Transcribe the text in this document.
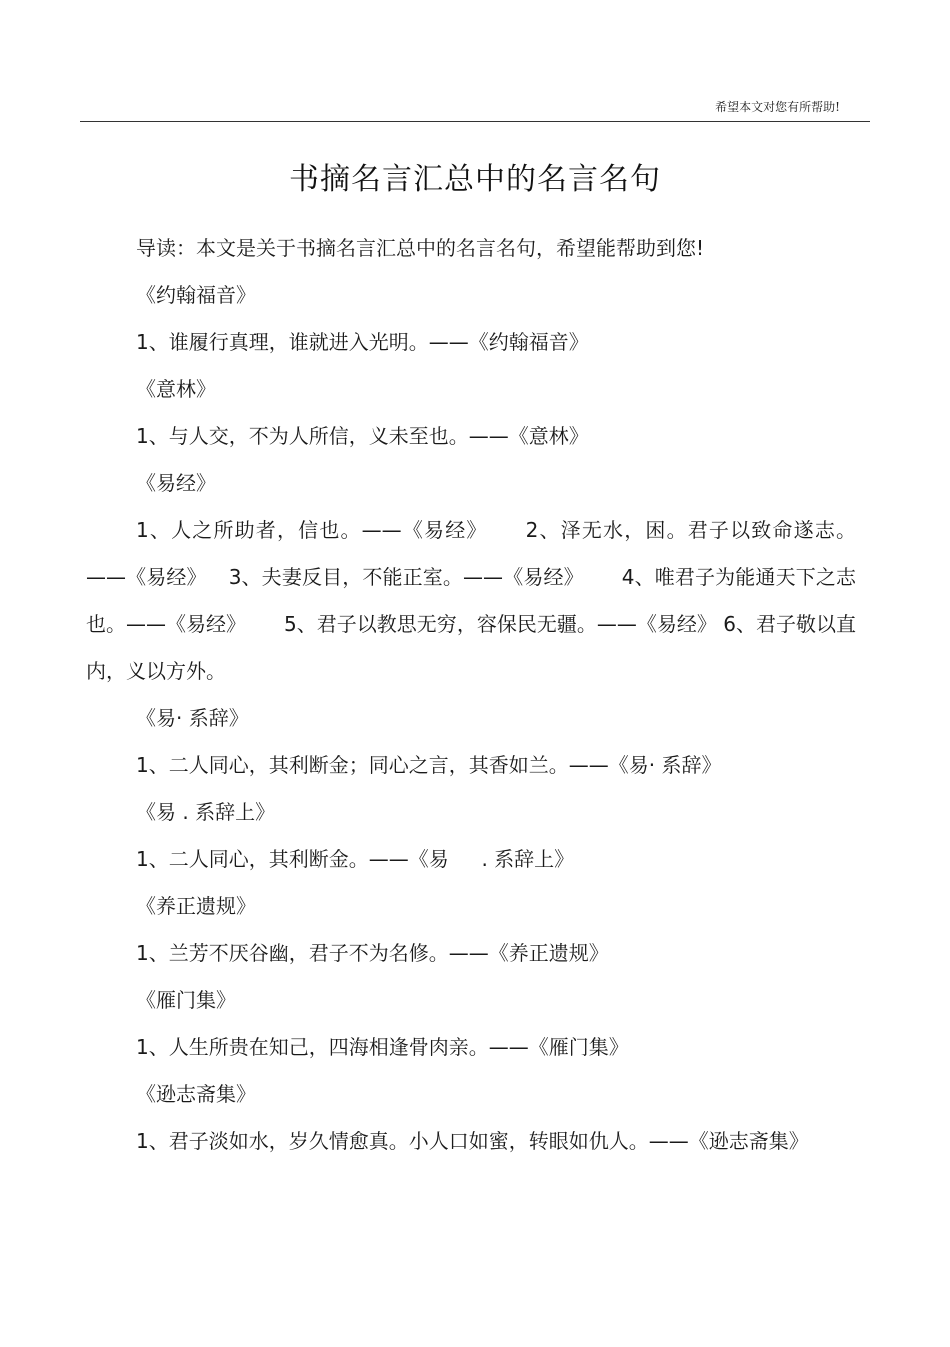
希望本文对您有所帮助!
书摘名言汇总中的名言名句
导读：本文是关于书摘名言汇总中的名言名句，希望能帮助到您!
《约翰福音》
1、谁履行真理，谁就进入光明。——《约翰福音》
《意林》
1、与人交，不为人所信，义未至也。——《意林》
《易经》
1、人之所助者，信也。——《易经》 2、泽无水，困。君子以致命遂志。——《易经》 3、夫妻反目，不能正室。——《易经》 4、唯君子为能通天下之志也。——《易经》 5、君子以教思无穷，容保民无疆。——《易经》 6、君子敬以直内，义以方外。
《易· 系辞》
1、二人同心，其利断金；同心之言，其香如兰。——《易· 系辞》
《易 . 系辞上》
1、二人同心，其利断金。——《易 　 . 系辞上》
《养正遗规》
1、兰芳不厌谷幽，君子不为名修。——《养正遗规》
《雁门集》
1、人生所贵在知己，四海相逢骨肉亲。——《雁门集》
《逊志斋集》
1、君子淡如水，岁久情愈真。小人口如蜜，转眼如仇人。——《逊志斋集》
